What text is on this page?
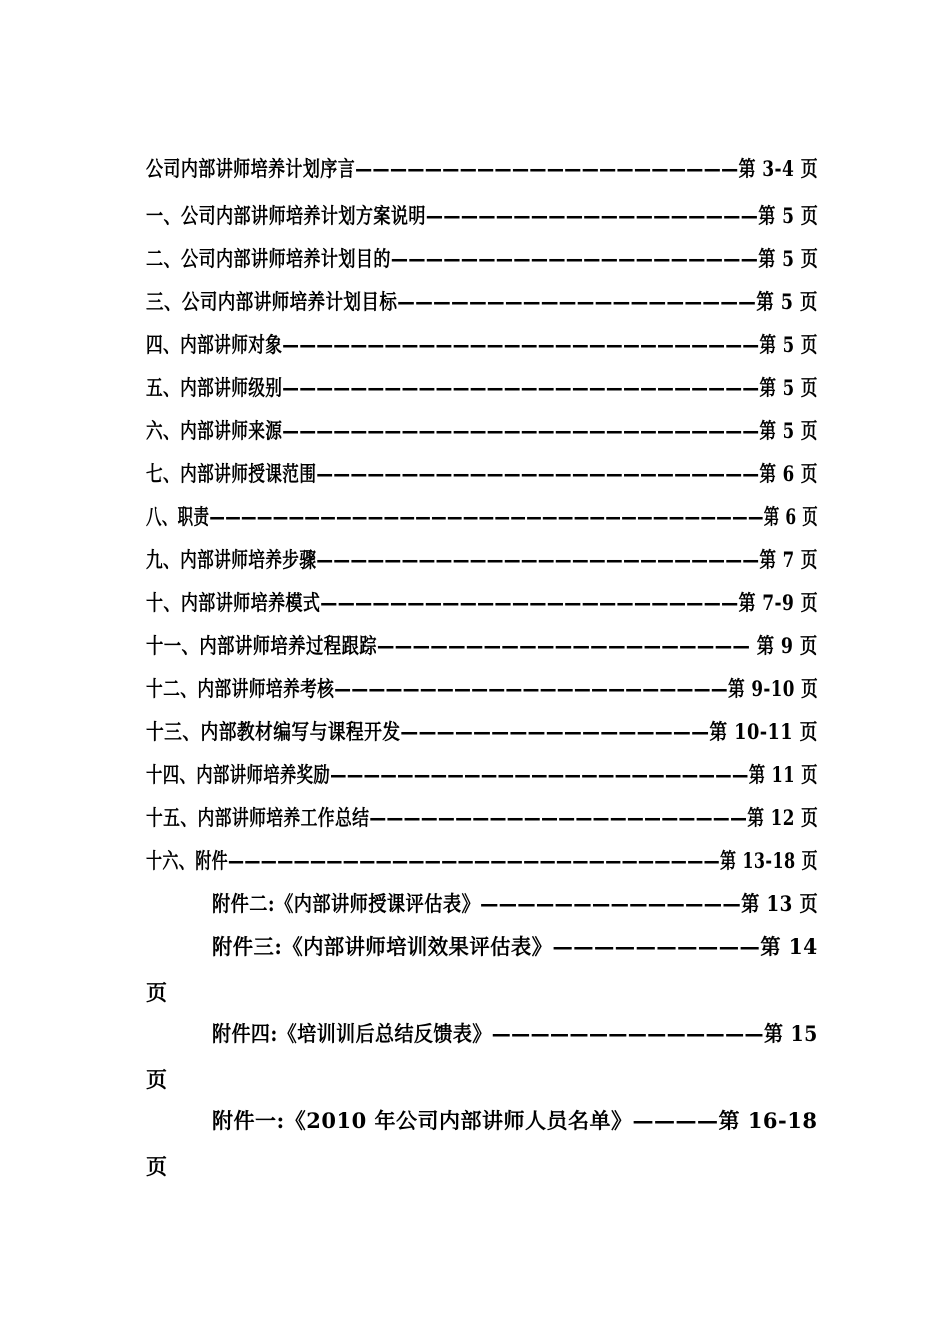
公司内部讲师培养计划序言——————————————————————第 3-4 页
一、公司内部讲师培养计划方案说明———————————————————第 5 页
二、公司内部讲师培养计划目的—————————————————————第 5 页
三、公司内部讲师培养计划目标————————————————————第 5 页
四、内部讲师对象————————————————————————————第 5 页
五、内部讲师级别————————————————————————————第 5 页
六、内部讲师来源————————————————————————————第 5 页
七、内部讲师授课范围——————————————————————————第 6 页
八、职责———————————————————————————————————第 6 页
九、内部讲师培养步骤——————————————————————————第 7 页
十、内部讲师培养模式————————————————————————第 7-9 页
十一、内部讲师培养过程跟踪————————————————————— 第 9 页
十二、内部讲师培养考核———————————————————————第 9-10 页
十三、内部教材编写与课程开发—————————————————第 10-11 页
十四、内部讲师培养奖励—————————————————————————第 11 页
十五、内部讲师培养工作总结——————————————————————第 12 页
十六、附件——————————————————————————————第 13-18 页
附件二:《内部讲师授课评估表》——————————————第 13 页
附件三:《内部讲师培训效果评估表》——————————第 14
页
附件四:《培训训后总结反馈表》——————————————第 15
页
附件一:《2010 年公司内部讲师人员名单》————第 16-18
页
